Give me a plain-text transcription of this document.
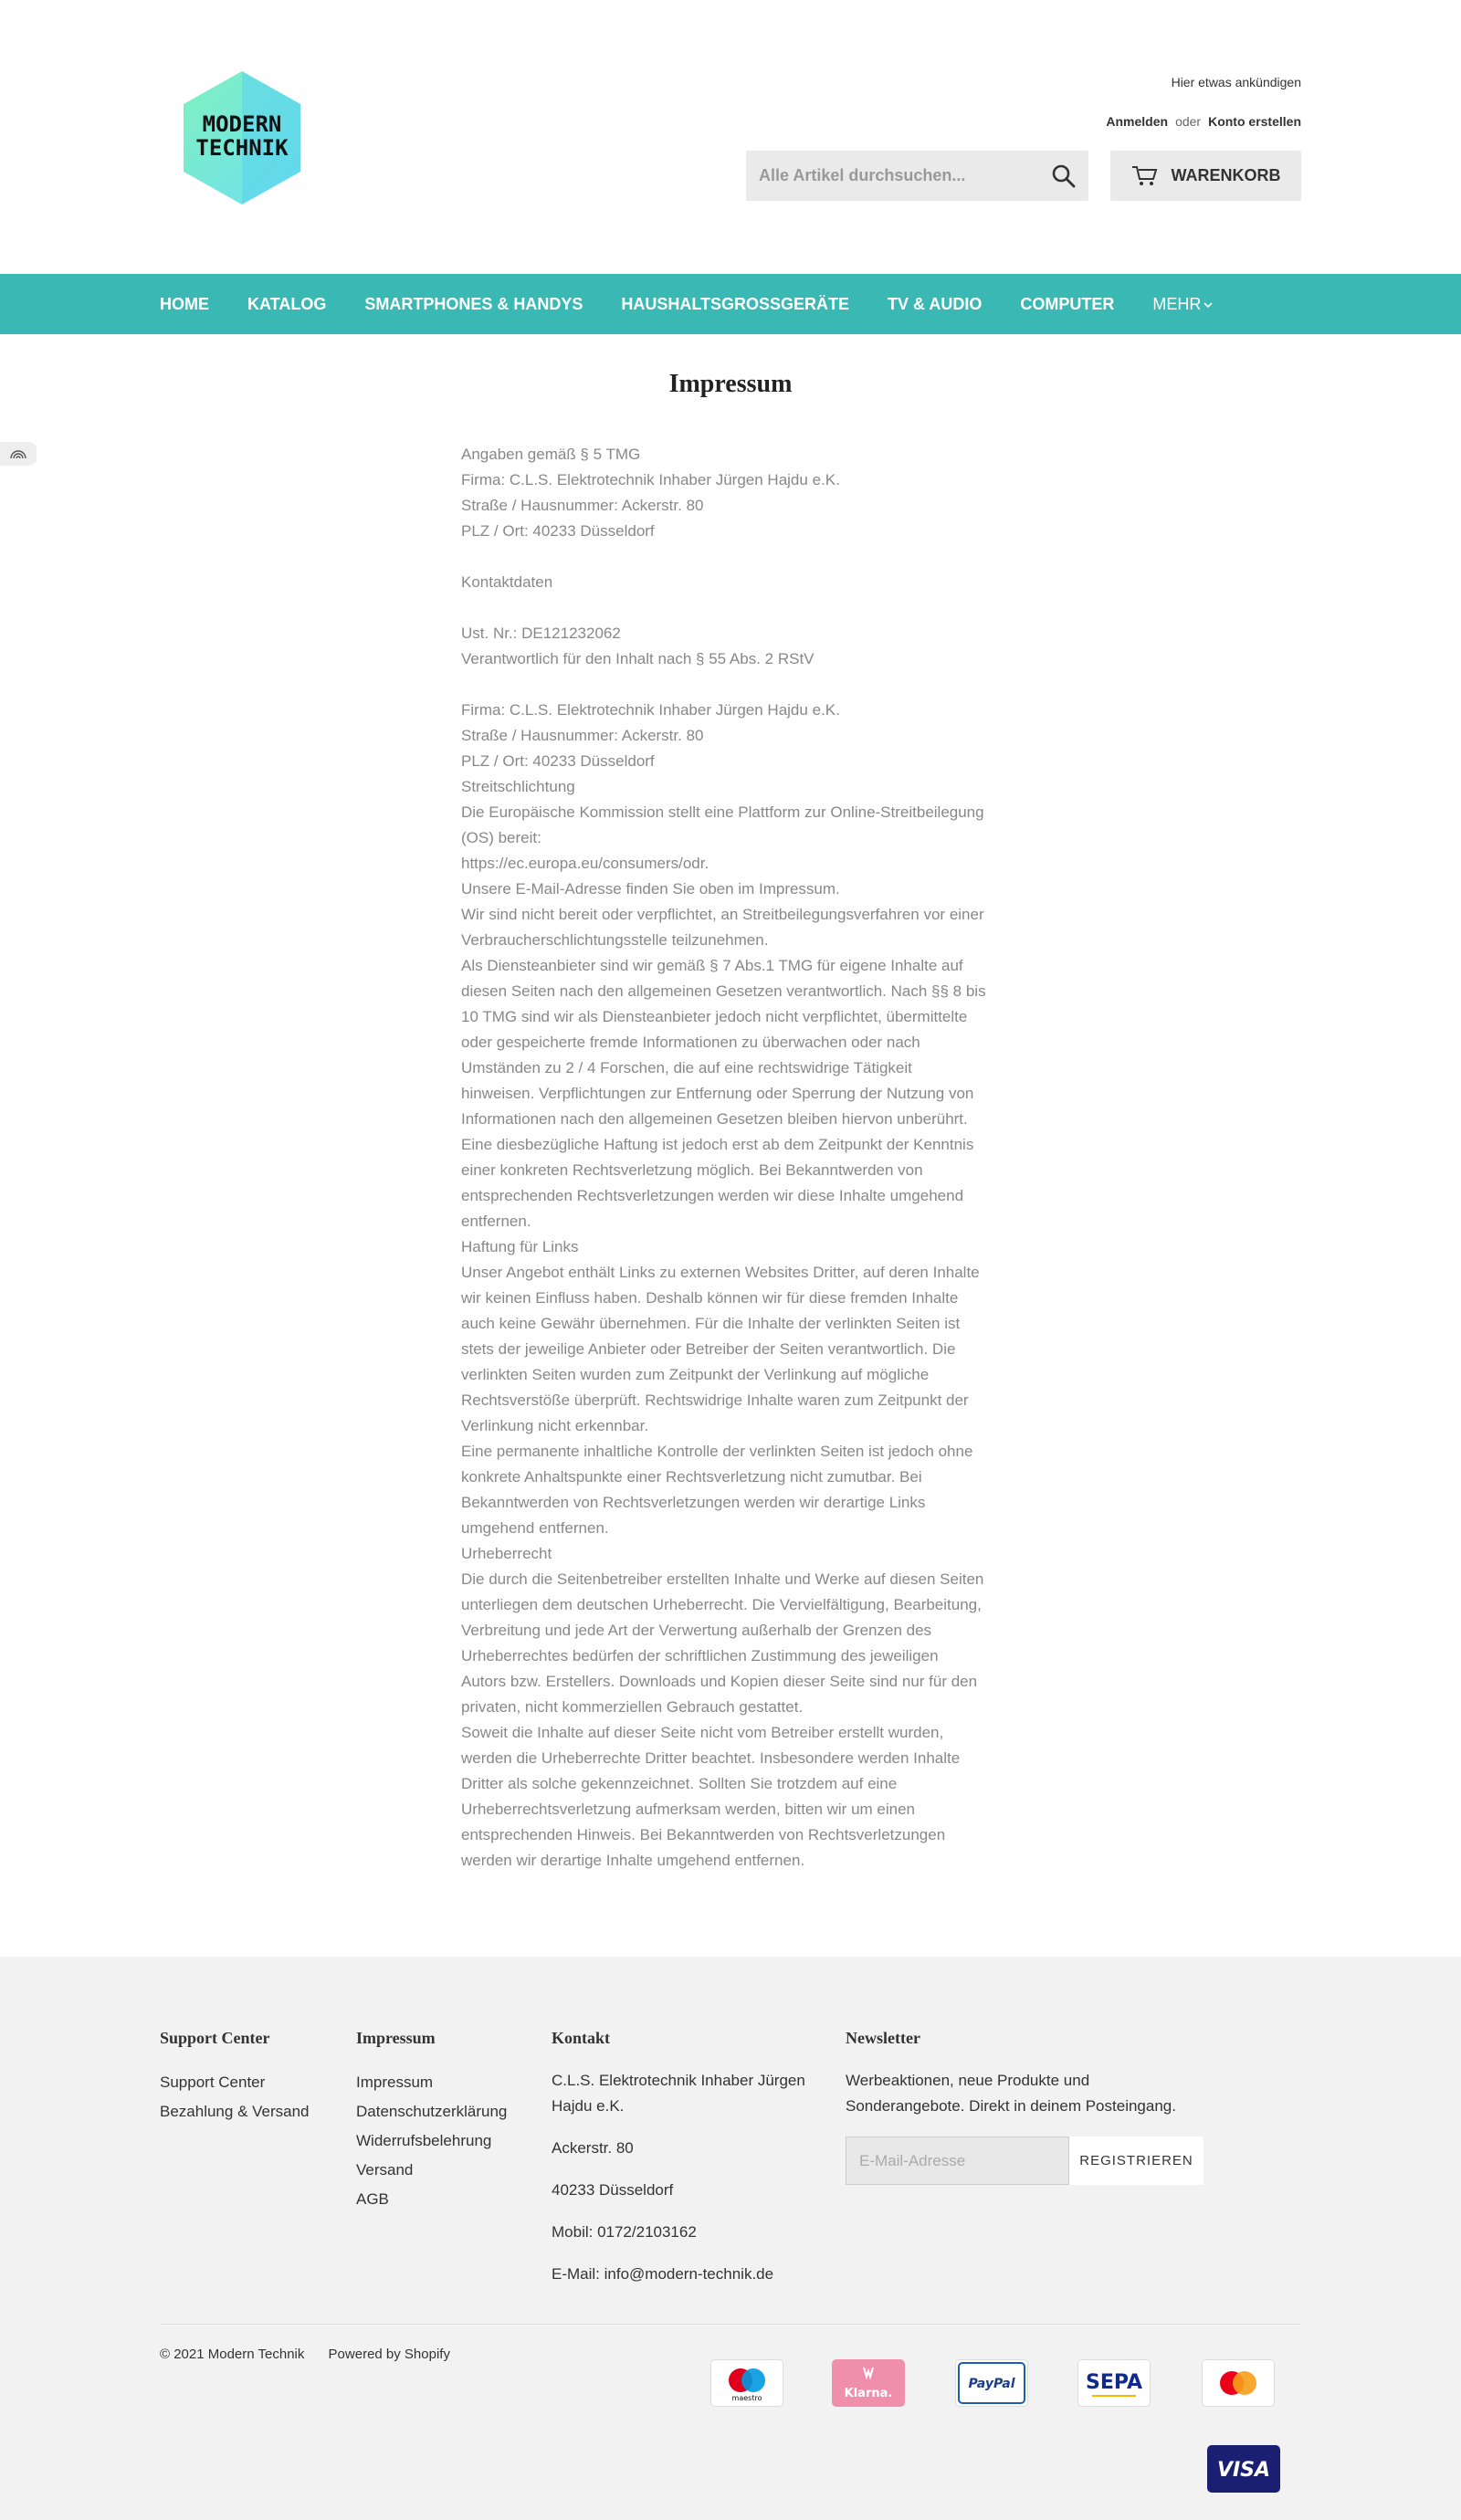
MODERN
TECHNIK
Hier etwas ankündigen
Anmelden oder Konto erstellen
Alle Artikel durchsuchen...
WARENKORB
HOME KATALOG SMARTPHONES & HANDYS HAUSHALTSGROSSGERÄTE TV & AUDIO COMPUTER MEHR
Impressum

Angaben gemäß § 5 TMG

Firma: C.L.S. Elektrotechnik Inhaber Jürgen Hajdu e.K.

Straße / Hausnummer: Ackerstr. 80

PLZ / Ort: 40233 Düsseldorf

Kontaktdaten

Ust. Nr.: DE121232062

Verantwortlich für den Inhalt nach § 55 Abs. 2 RStV

Firma: C.L.S. Elektrotechnik Inhaber Jürgen Hajdu e.K.

Straße / Hausnummer: Ackerstr. 80

PLZ / Ort: 40233 Düsseldorf

Streitschlichtung

Die Europäische Kommission stellt eine Plattform zur Online-Streitbeilegung

(OS) bereit:

https://ec.europa.eu/consumers/odr.

Unsere E-Mail-Adresse finden Sie oben im Impressum.

Wir sind nicht bereit oder verpflichtet, an Streitbeilegungsverfahren vor einer

Verbraucherschlichtungsstelle teilzunehmen.

Als Diensteanbieter sind wir gemäß § 7 Abs.1 TMG für eigene Inhalte auf

diesen Seiten nach den allgemeinen Gesetzen verantwortlich. Nach §§ 8 bis

10 TMG sind wir als Diensteanbieter jedoch nicht verpflichtet, übermittelte

oder gespeicherte fremde Informationen zu überwachen oder nach

Umständen zu 2 / 4 Forschen, die auf eine rechtswidrige Tätigkeit

hinweisen. Verpflichtungen zur Entfernung oder Sperrung der Nutzung von

Informationen nach den allgemeinen Gesetzen bleiben hiervon unberührt.

Eine diesbezügliche Haftung ist jedoch erst ab dem Zeitpunkt der Kenntnis

einer konkreten Rechtsverletzung möglich. Bei Bekanntwerden von

entsprechenden Rechtsverletzungen werden wir diese Inhalte umgehend

entfernen.

Haftung für Links

Unser Angebot enthält Links zu externen Websites Dritter, auf deren Inhalte

wir keinen Einfluss haben. Deshalb können wir für diese fremden Inhalte

auch keine Gewähr übernehmen. Für die Inhalte der verlinkten Seiten ist

stets der jeweilige Anbieter oder Betreiber der Seiten verantwortlich. Die

verlinkten Seiten wurden zum Zeitpunkt der Verlinkung auf mögliche

Rechtsverstöße überprüft. Rechtswidrige Inhalte waren zum Zeitpunkt der

Verlinkung nicht erkennbar.

Eine permanente inhaltliche Kontrolle der verlinkten Seiten ist jedoch ohne

konkrete Anhaltspunkte einer Rechtsverletzung nicht zumutbar. Bei

Bekanntwerden von Rechtsverletzungen werden wir derartige Links

umgehend entfernen.

Urheberrecht

Die durch die Seitenbetreiber erstellten Inhalte und Werke auf diesen Seiten

unterliegen dem deutschen Urheberrecht. Die Vervielfältigung, Bearbeitung,

Verbreitung und jede Art der Verwertung außerhalb der Grenzen des

Urheberrechtes bedürfen der schriftlichen Zustimmung des jeweiligen

Autors bzw. Erstellers. Downloads und Kopien dieser Seite sind nur für den

privaten, nicht kommerziellen Gebrauch gestattet.

Soweit die Inhalte auf dieser Seite nicht vom Betreiber erstellt wurden,

werden die Urheberrechte Dritter beachtet. Insbesondere werden Inhalte

Dritter als solche gekennzeichnet. Sollten Sie trotzdem auf eine

Urheberrechtsverletzung aufmerksam werden, bitten wir um einen

entsprechenden Hinweis. Bei Bekanntwerden von Rechtsverletzungen

werden wir derartige Inhalte umgehend entfernen.

Support Center
Support Center
Bezahlung & Versand
Impressum
Impressum
Datenschutzerklärung
Widerrufsbelehrung
Versand
AGB
Kontakt
C.L.S. Elektrotechnik Inhaber Jürgen
Hajdu e.K.
Ackerstr. 80
40233 Düsseldorf
Mobil: 0172/2103162
E-Mail: info@modern-technik.de
Newsletter
Werbeaktionen, neue Produkte und
Sonderangebote. Direkt in deinem Posteingang.
E-Mail-Adresse
REGISTRIEREN
© 2021 Modern Technik Powered by Shopify
maestro	Klarna.
PayPal	SEPA
VISA
